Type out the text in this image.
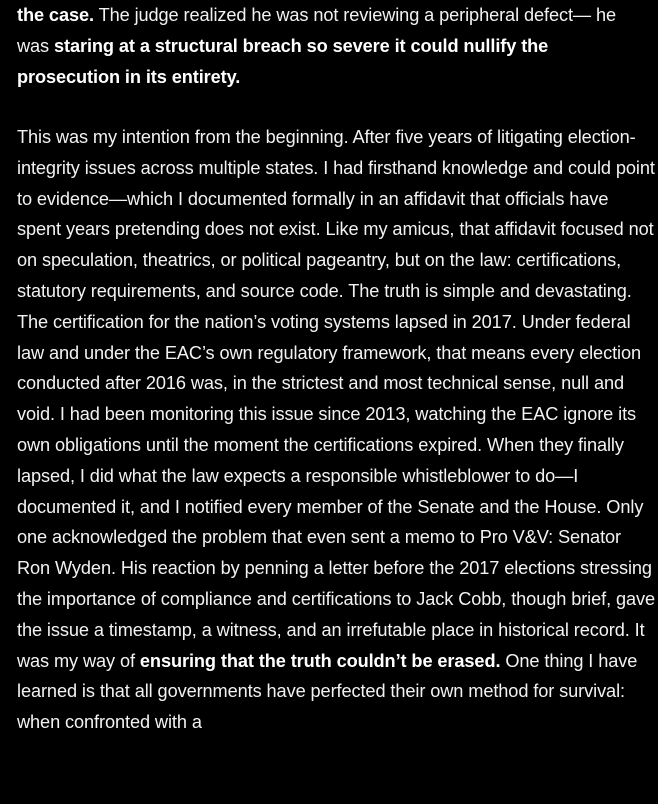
the case. The judge realized he was not reviewing a peripheral defect— he was staring at a structural breach so severe it could nullify the prosecution in its entirety.

This was my intention from the beginning. After five years of litigating election-integrity issues across multiple states. I had firsthand knowledge and could point to evidence—which I documented formally in an affidavit that officials have spent years pretending does not exist. Like my amicus, that affidavit focused not on speculation, theatrics, or political pageantry, but on the law: certifications, statutory requirements, and source code. The truth is simple and devastating. The certification for the nation’s voting systems lapsed in 2017. Under federal law and under the EAC’s own regulatory framework, that means every election conducted after 2016 was, in the strictest and most technical sense, null and void. I had been monitoring this issue since 2013, watching the EAC ignore its own obligations until the moment the certifications expired. When they finally lapsed, I did what the law expects a responsible whistleblower to do—I documented it, and I notified every member of the Senate and the House. Only one acknowledged the problem that even sent a memo to Pro V&V: Senator Ron Wyden. His reaction by penning a letter before the 2017 elections stressing the importance of compliance and certifications to Jack Cobb, though brief, gave the issue a timestamp, a witness, and an irrefutable place in historical record. It was my way of ensuring that the truth couldn’t be erased. One thing I have learned is that all governments have perfected their own method for survival: when confronted with a
